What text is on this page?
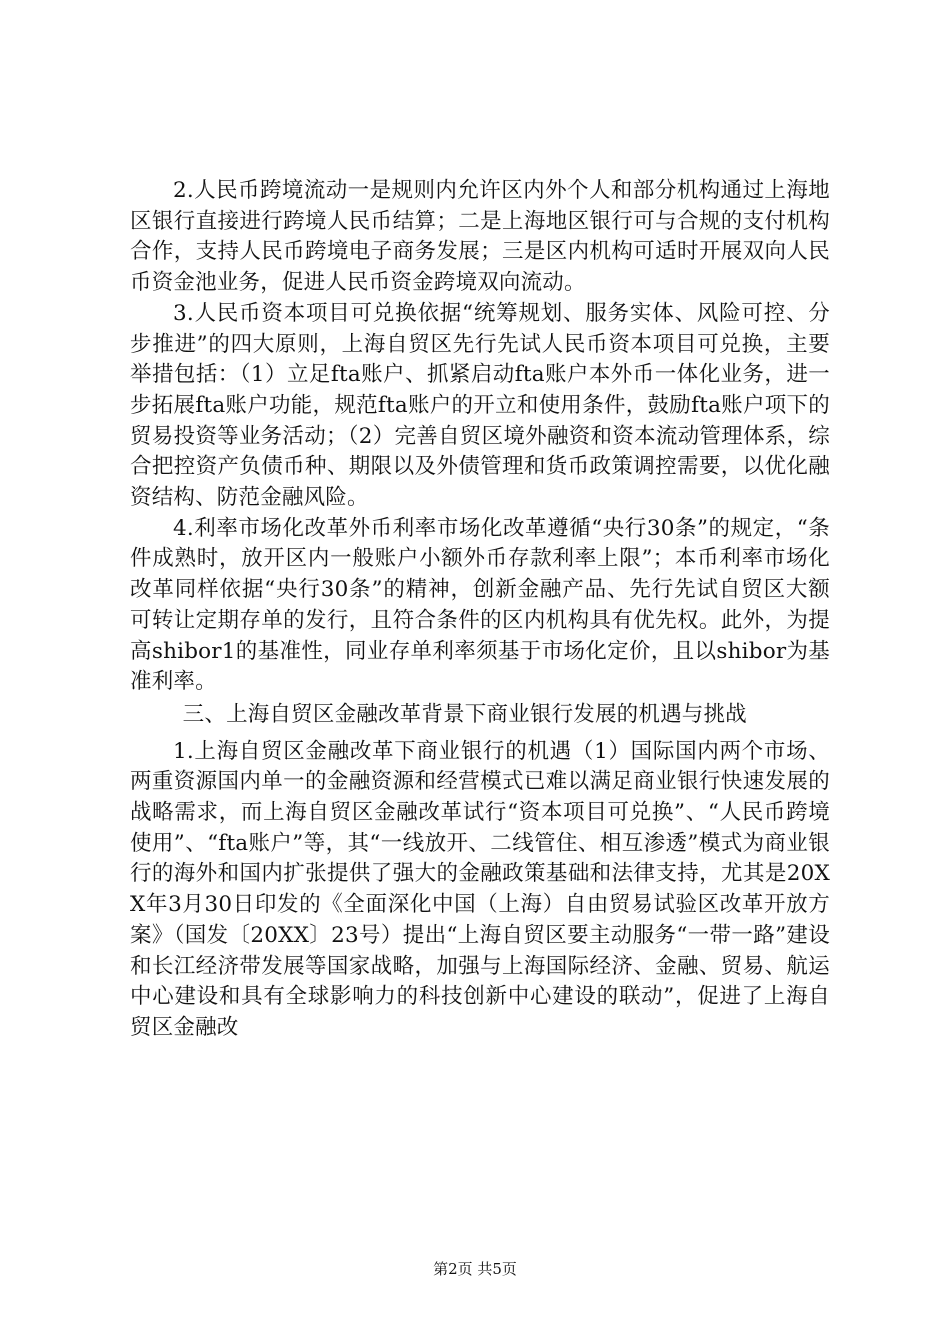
2.人民币跨境流动一是规则内允许区内外个人和部分机构通过上海地区银行直接进行跨境人民币结算；二是上海地区银行可与合规的支付机构合作，支持人民币跨境电子商务发展；三是区内机构可适时开展双向人民币资金池业务，促进人民币资金跨境双向流动。

3.人民币资本项目可兑换依据“统筹规划、服务实体、风险可控、分步推进”的四大原则，上海自贸区先行先试人民币资本项目可兑换，主要举措包括：（1）立足fta账户、抓紧启动fta账户本外币一体化业务，进一步拓展fta账户功能，规范fta账户的开立和使用条件，鼓励fta账户项下的贸易投资等业务活动；（2）完善自贸区境外融资和资本流动管理体系，综合把控资产负债币种、期限以及外债管理和货币政策调控需要，以优化融资结构、防范金融风险。

4.利率市场化改革外币利率市场化改革遵循“央行30条”的规定，“条件成熟时，放开区内一般账户小额外币存款利率上限”；本币利率市场化改革同样依据“央行30条”的精神，创新金融产品、先行先试自贸区大额可转让定期存单的发行，且符合条件的区内机构具有优先权。此外，为提高shibor1的基准性，同业存单利率须基于市场化定价，且以shibor为基准利率。

三、上海自贸区金融改革背景下商业银行发展的机遇与挑战

1.上海自贸区金融改革下商业银行的机遇（1）国际国内两个市场、两重资源国内单一的金融资源和经营模式已难以满足商业银行快速发展的战略需求，而上海自贸区金融改革试行“资本项目可兑换”、“人民币跨境使用”、“fta账户”等，其“一线放开、二线管住、相互渗透”模式为商业银行的海外和国内扩张提供了强大的金融政策基础和法律支持，尤其是20XX年3月30日印发的《全面深化中国（上海）自由贸易试验区改革开放方案》（国发〔20XX〕23号）提出“上海自贸区要主动服务“一带一路”建设和长江经济带发展等国家战略，加强与上海国际经济、金融、贸易、航运中心建设和具有全球影响力的科技创新中心建设的联动”，促进了上海自贸区金融改

第2页 共5页
